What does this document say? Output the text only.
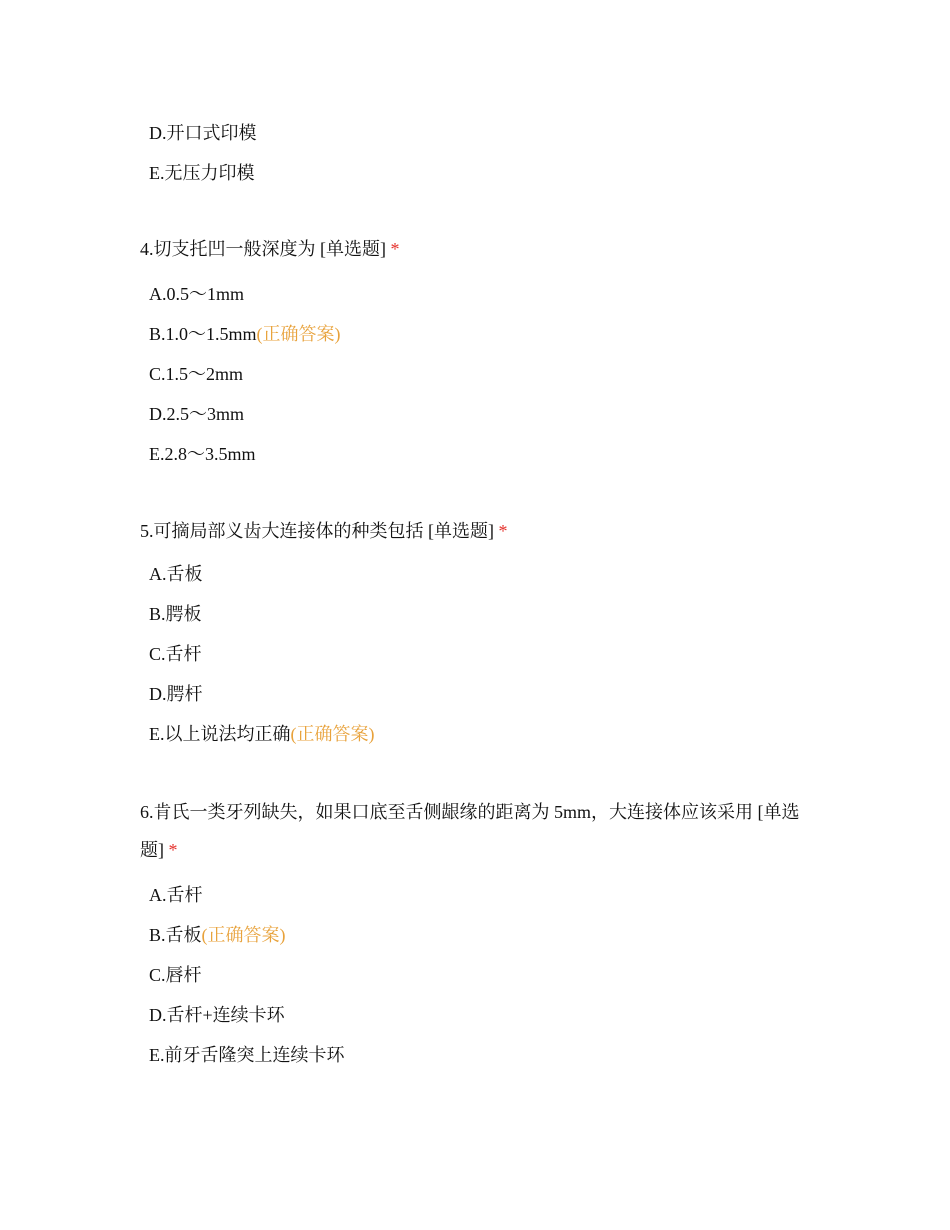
D.开口式印模
E.无压力印模

4.切支托凹一般深度为 [单选题] *

A.0.5～1mm
B.1.0～1.5mm(正确答案)
C.1.5～2mm
D.2.5～3mm
E.2.8～3.5mm

5.可摘局部义齿大连接体的种类包括 [单选题] *

A.舌板
B.腭板
C.舌杆
D.腭杆
E.以上说法均正确(正确答案)

6.肯氏一类牙列缺失，如果口底至舌侧龈缘的距离为 5mm，大连接体应该采用 [单选题] *

A.舌杆
B.舌板(正确答案)
C.唇杆
D.舌杆+连续卡环
E.前牙舌隆突上连续卡环
